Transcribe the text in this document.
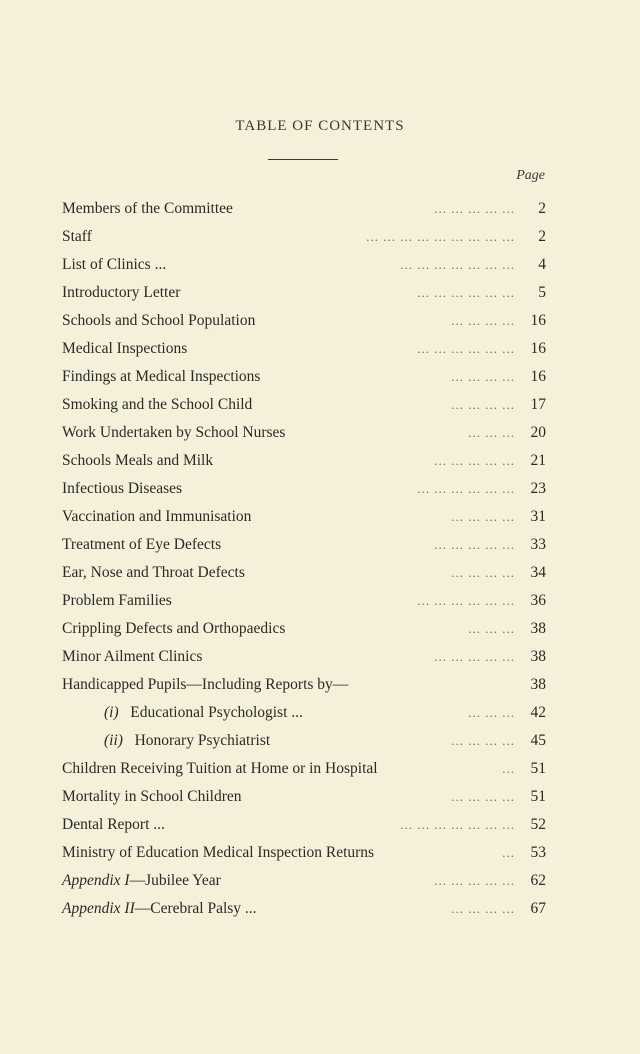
TABLE OF CONTENTS
Page
Members of the Committee	... ... ... ... ...	2
Staff	... ... ... ... ... ... ... ... ...	2
List of Clinics ...	... ... ... ... ... ... ...	4
Introductory Letter	... ... ... ... ... ...	5
Schools and School Population	... ... ... ...	16
Medical Inspections	... ... ... ... ... ...	16
Findings at Medical Inspections	... ... ... ...	16
Smoking and the School Child	... ... ... ...	17
Work Undertaken by School Nurses	... ... ...	20
Schools Meals and Milk	... ... ... ... ...	21
Infectious Diseases	... ... ... ... ... ...	23
Vaccination and Immunisation	... ... ... ...	31
Treatment of Eye Defects	... ... ... ... ...	33
Ear, Nose and Throat Defects	... ... ... ...	34
Problem Families	... ... ... ... ... ...	36
Crippling Defects and Orthopaedics	... ... ...	38
Minor Ailment Clinics	... ... ... ... ...	38
Handicapped Pupils—Including Reports by—	38
(i) Educational Psychologist ...	... ... ...	42
(ii) Honorary Psychiatrist	... ... ... ...	45
Children Receiving Tuition at Home or in Hospital	...	51
Mortality in School Children	... ... ... ...	51
Dental Report ...	... ... ... ... ... ... ...	52
Ministry of Education Medical Inspection Returns	...	53
Appendix I—Jubilee Year	... ... ... ... ...	62
Appendix II—Cerebral Palsy ...	... ... ... ...	67
